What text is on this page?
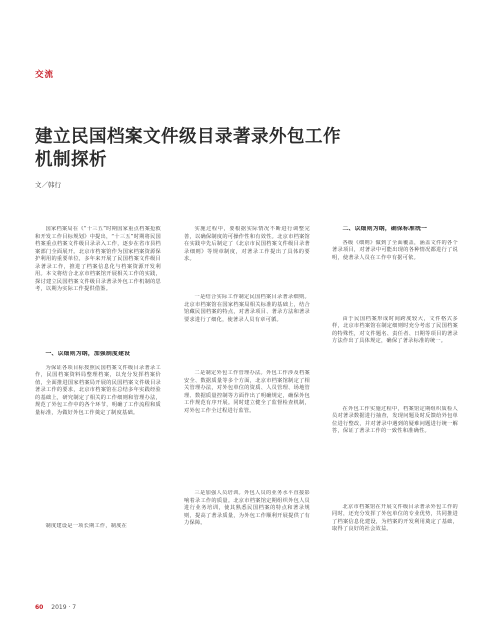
交流
建立民国档案文件级目录著录外包工作
机制探析
文／韩行

国家档案局在《“十三五”时期国家重点档案抢救和开发工作目标规划》中提出，“十三五”时期将民国档案重点档案文件级目录录入工作，逐步在省市县档案部门全面展开。北京市档案馆作为国家档案资源保护利用的重要单位，多年来开展了民国档案文件级目录著录工作，推进了档案信息化与档案资源开发利用。本文将结合北京市档案馆开展相关工作的实践，探讨建立民国档案文件级目录著录外包工作机制的思考，以期为实际工作提供借鉴。

一、以细则为纲，加强制度建设

为保证各项目标按照民国档案文件级目录著录工作，民国档案资料局整理档案，以充分发挥档案价值，全面推进国家档案局开展的民国档案文件级目录著录工作的要求，北京市档案馆在总结多年实践经验的基础上，研究制定了相关的工作细则和管理办法，规范了外包工作中的各个环节，明确了工作流程和质量标准，为做好外包工作奠定了制度基础。

制度建设是一项长期工作，制度在

实施过程中，要根据实际情况不断进行调整完善，以确保制度的可操作性和有效性。北京市档案馆在实践中先后制定了《北京市民国档案文件级目录著录细则》等规章制度，对著录工作提出了具体的要求。

一是结合实际工作制定民国档案目录著录细则。北京市档案馆在国家档案局相关标准的基础上，结合馆藏民国档案的特点，对著录项目、著录方法和著录要求进行了细化，使著录人员有章可循。

二是制定外包工作管理办法。外包工作涉及档案安全、数据质量等多个方面，北京市档案馆制定了相关管理办法，对外包单位的资质、人员管理、场地管理、数据质量控制等方面作出了明确规定，确保外包工作规范有序开展。同时建立健全了监督检查机制，对外包工作全过程进行监管。

三是加强人员培训。外包人员的业务水平直接影响着录工作的质量。北京市档案馆定期组织外包人员进行业务培训，使其熟悉民国档案的特点和著录规则，提高了著录质量，为外包工作顺利开展提供了有力保障。

二、以细则为纲，确保标准统一

各级《细则》做到了全面覆盖，涵盖文件的各个著录项目，对著录中可能出现的各种情况都进行了说明，使著录人员在工作中有据可依。

由于民国档案形成时间跨度较大，文件格式多样，北京市档案馆在制定细则时充分考虑了民国档案的特殊性，对文件题名、责任者、日期等项目的著录方法作出了具体规定，确保了著录标准的统一。

在外包工作实施过程中，档案馆定期组织质检人员对著录数据进行抽查，发现问题及时反馈给外包单位进行整改，并对著录中遇到的疑难问题进行统一解答，保证了著录工作的一致性和准确性。

北京市档案馆在开展文件级目录著录外包工作的同时，还充分发挥了外包单位的专业优势，共同推进了档案信息化建设，为档案的开发利用奠定了基础，取得了良好的社会效益。

60 2019 · 7
